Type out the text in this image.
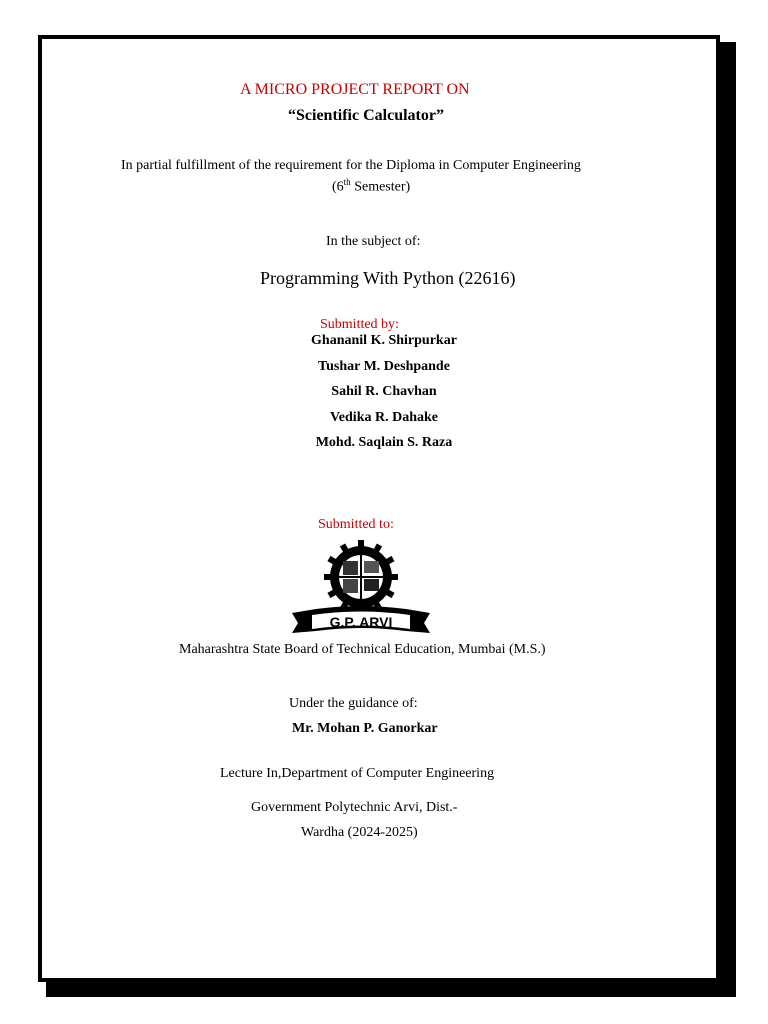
A MICRO PROJECT REPORT ON
“Scientific Calculator”
In partial fulfillment of the requirement for the Diploma in Computer Engineering
(6th Semester)
In the subject of:
Programming With Python (22616)
Submitted by:
Ghananil K. Shirpurkar
Tushar M. Deshpande
Sahil R. Chavhan
Vedika R. Dahake
Mohd. Saqlain S. Raza
Submitted to:
G.P. ARVI
Maharashtra State Board of Technical Education, Mumbai (M.S.)
Under the guidance of:
Mr. Mohan P. Ganorkar
Lecture In,Department of Computer Engineering
Government Polytechnic Arvi, Dist.-
Wardha (2024-2025)
